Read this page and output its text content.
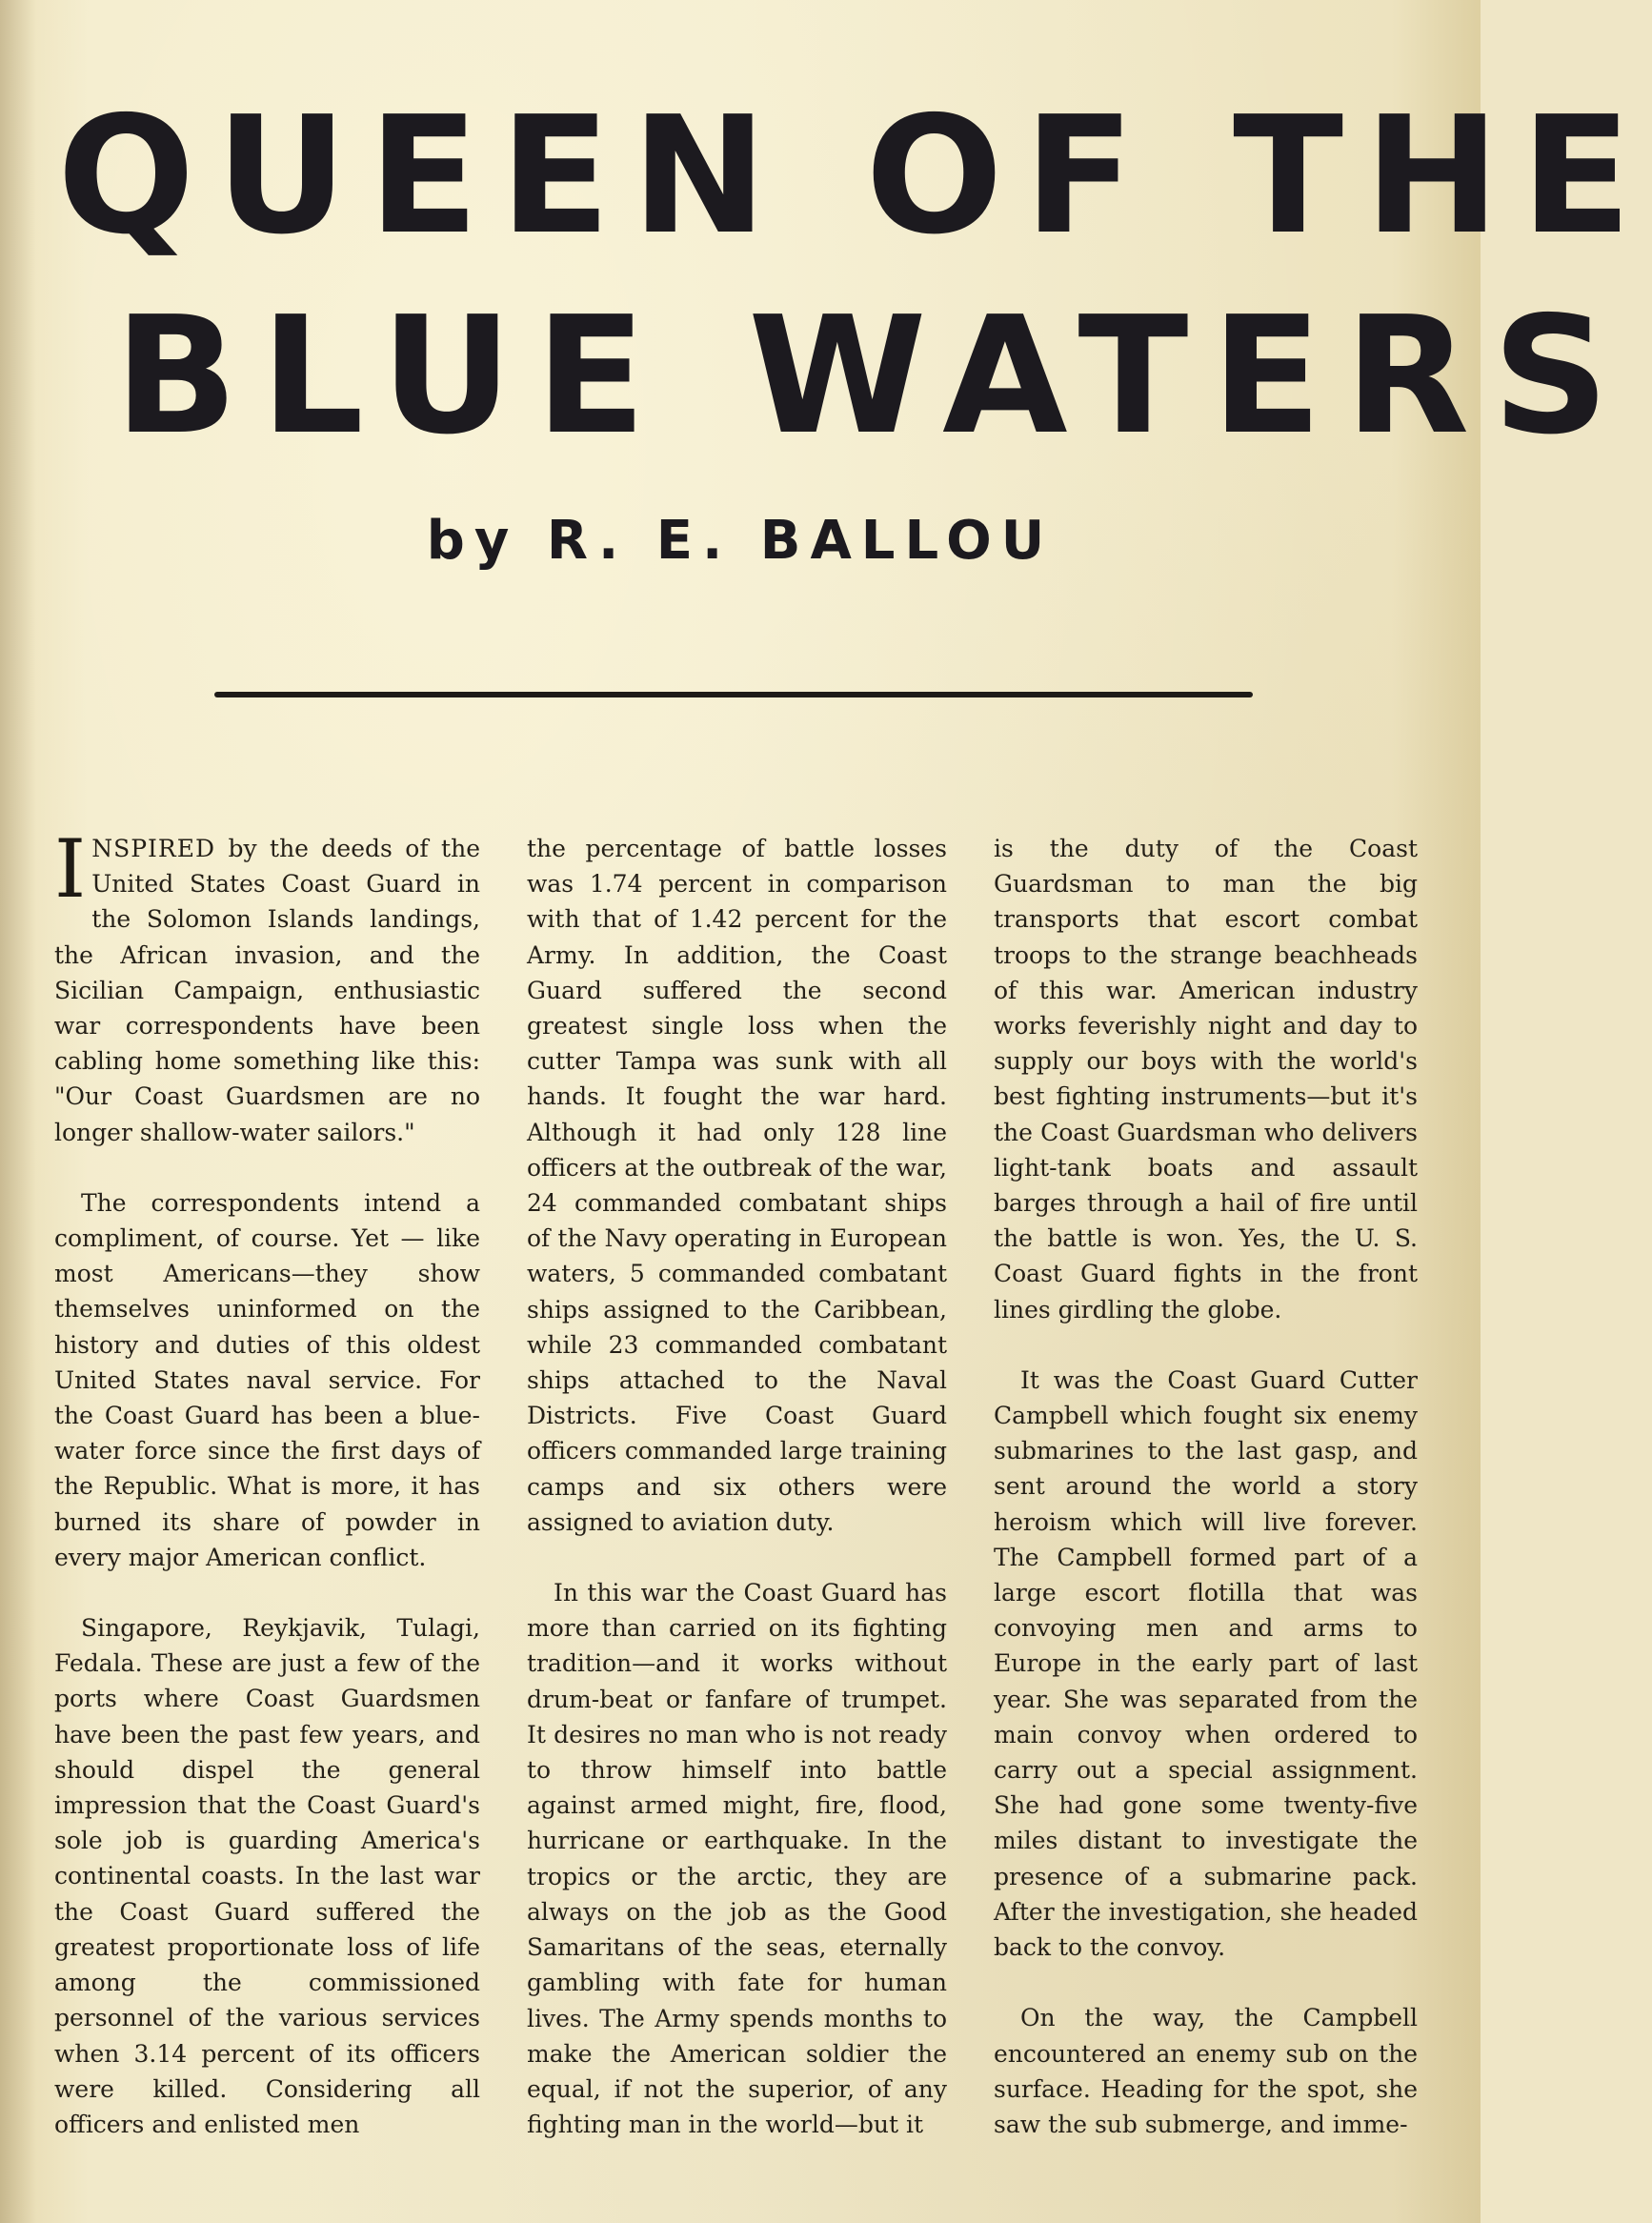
QUEEN OF THE
BLUE WATERS
by R. E. BALLOU

INSPIRED by the deeds of the United States Coast Guard in the Solomon Islands landings, the African invasion, and the Sicilian Campaign, enthusiastic war correspondents have been cabling home something like this: "Our Coast Guardsmen are no longer shallow-water sailors."

The correspondents intend a compliment, of course. Yet — like most Americans—they show themselves uninformed on the history and duties of this oldest United States naval service. For the Coast Guard has been a blue-water force since the first days of the Republic. What is more, it has burned its share of powder in every major American conflict.

Singapore, Reykjavik, Tulagi, Fedala. These are just a few of the ports where Coast Guardsmen have been the past few years, and should dispel the general impression that the Coast Guard's sole job is guarding America's continental coasts. In the last war the Coast Guard suffered the greatest proportionate loss of life among the commissioned personnel of the various services when 3.14 percent of its officers were killed. Considering all officers and enlisted men

the percentage of battle losses was 1.74 percent in comparison with that of 1.42 percent for the Army. In addition, the Coast Guard suffered the second greatest single loss when the cutter Tampa was sunk with all hands. It fought the war hard. Although it had only 128 line officers at the outbreak of the war, 24 commanded combatant ships of the Navy operating in European waters, 5 commanded combatant ships assigned to the Caribbean, while 23 commanded combatant ships attached to the Naval Districts. Five Coast Guard officers commanded large training camps and six others were assigned to aviation duty.

In this war the Coast Guard has more than carried on its fighting tradition—and it works without drum-beat or fanfare of trumpet. It desires no man who is not ready to throw himself into battle against armed might, fire, flood, hurricane or earthquake. In the tropics or the arctic, they are always on the job as the Good Samaritans of the seas, eternally gambling with fate for human lives. The Army spends months to make the American soldier the equal, if not the superior, of any fighting man in the world—but it

is the duty of the Coast Guardsman to man the big transports that escort combat troops to the strange beachheads of this war. American industry works feverishly night and day to supply our boys with the world's best fighting instruments—but it's the Coast Guardsman who delivers light-tank boats and assault barges through a hail of fire until the battle is won. Yes, the U. S. Coast Guard fights in the front lines girdling the globe.

It was the Coast Guard Cutter Campbell which fought six enemy submarines to the last gasp, and sent around the world a story heroism which will live forever. The Campbell formed part of a large escort flotilla that was convoying men and arms to Europe in the early part of last year. She was separated from the main convoy when ordered to carry out a special assignment. She had gone some twenty-five miles distant to investigate the presence of a submarine pack. After the investigation, she headed back to the convoy.

On the way, the Campbell encountered an enemy sub on the surface. Heading for the spot, she saw the sub submerge, and imme-
